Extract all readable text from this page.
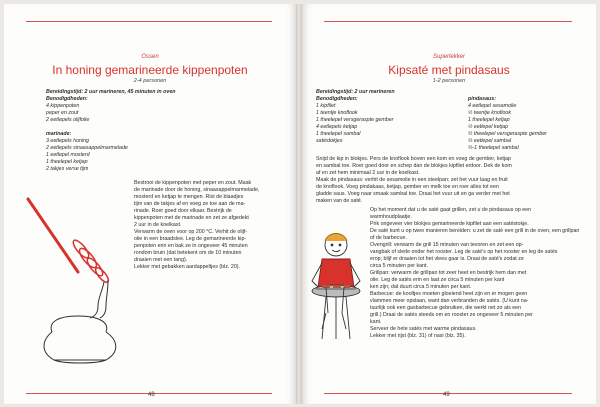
Ossen
In honing gemarineerde kippenpoten
2-4 personen
Bereidingstijd: 2 uur marineren, 45 minuten in oven
Benodigdheden:
4 kippenpoten
peper en zout
2 eetlepels olijfolie
marinade:
3 eetlepels honing
2 eetlepels sinaasappelmarmelade
1 eetlepel mosterd
1 theelepel ketjap
2 takjes verse tijm
Bestrooi de kippenpoten met peper en zout. Maak
de marinade door de honing, sinaasappelmarmelade,
mosterd en ketjap te mengen. Rist de blaadjes
tijm van de takjes af en voeg ze toe aan de ma-
rinade. Roer goed door elkaar. Bestrijk de
kippenpoten met de marinade en zet ze afgedekt
2 uur in de koelkast.
Verwarm de oven voor op 200 °C. Verhit de olijf-
olie in een braadslee. Leg de gemarineerde kip-
penpoten erin en bak ze in ongeveer 45 minuten
rondom bruin (dat betekent om de 10 minuten
draaien met een tang).
Lekker met gebakken aardappeltjes (blz. 20).
48
Superlekker
Kipsaté met pindasaus
1-2 personen
Bereidingstijd: 2 uur marineren
Benodigdheden:
1 kipfilet
1 teentje knoflook
1 theelepel versgeraspte gember
4 eetlepels ketjap
1 theelepel sambal
satéstokjes
pindasaus:
4 eetlepel sesamolie
½ teentje knoflook
1 theelepel ketjap
½ eetlepel ketjap
½ theelepel versgeraspte gember
½ eetlepel sambal
½-1 theelepel sambal
Snijd de kip in blokjes. Pers de knoflook boven een kom en voeg de gember, ketjap
en sambal toe. Roer goed door en schep dan de blokjes kipfilet erdoor. Dek de kom
af en zet hem minimaal 2 uur in de koelkast.
Maak de pindasaus: verhit de sesamolie in een steelpan; zet het vuur laag en fruit
de knoflook. Voeg pindakaas, ketjap, gember en melk toe en roer alles tot een
gladde saus. Voeg naar smaak sambal toe. Draai het vuur uit en ga verder met het
maken van de saté.
Op het moment dat u de saté gaat grillen, zet u de pindasaus op een
warmhoudplaatje.
Prik ongeveer vier blokjes gemarineerde kipfilet aan een satéstokje.
De saté kunt u op twee manieren bereiden: u zet de saté een grill in de oven, een grillpan
of de barbecue.
Ovengrill: verwarm de grill 15 minuten van tevoren en zet een op-
vangbak of slede onder het rooster. Leg de saté's op het rooster en leg de satés
erop; blijf er draaien tot het vlees gaar is. Draai de saté's zodat ze
circa 5 minuten per kant.
Grillpan: verwarm de grillpan tot zeer heet en bestrijk hem dan met
olie. Leg de satés erin en laat ze circa 5 minuten per kant
ken zijn; dat duurt circa 5 minuten per kant.
Barbecue: de kooltjes moeten gloeiend heet zijn en er mogen geen
vlammen meer opslaan, want dan verbranden de satés. (U kunt na-
tuurlijk ook een gasbarbecue gebruiken, die werkt net zo als een
grill.) Draai de satés steeds om en rooster ze ongeveer 5 minuten per
kant.
Serveer de hete satés met warme pindasaus.
Lekker met rijst (blz. 31) of nasi (blz. 35).
49
